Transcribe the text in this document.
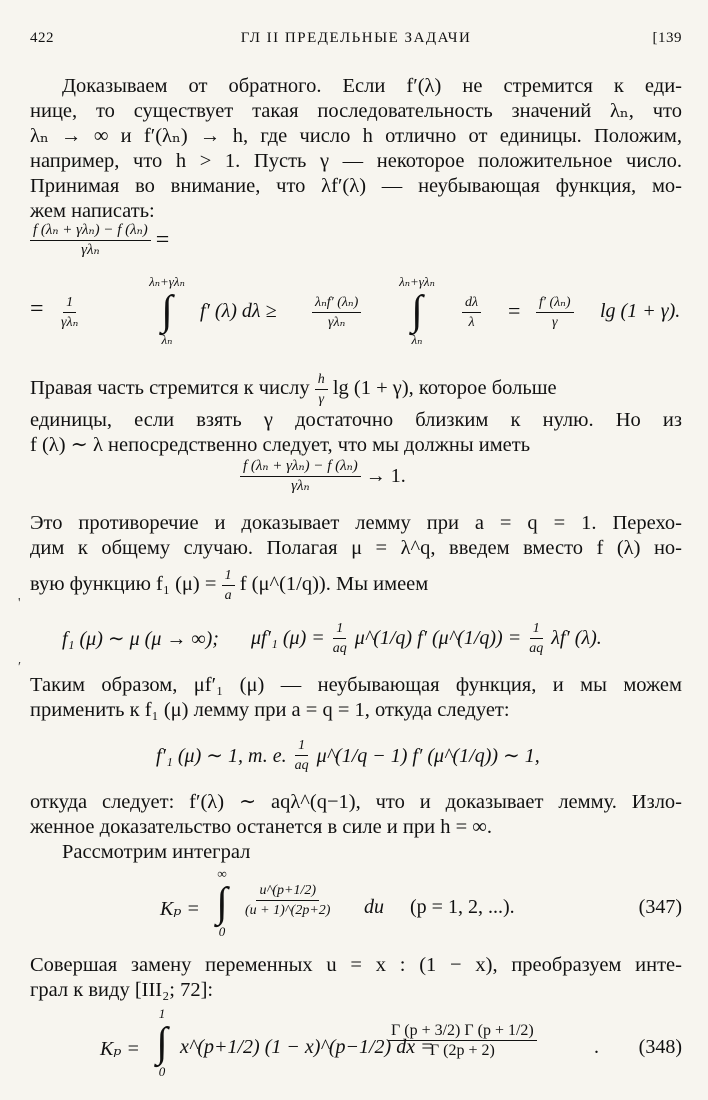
422	ГЛ II ПРЕДЕЛЬНЫЕ ЗАДАЧИ	[139
Доказываем от обратного. Если f′(λ) не стремится к еди-
нице, то существует такая последовательность значений λₙ, что
λₙ → ∞ и f′(λₙ) → h, где число h отлично от единицы. Положим,
например, что h > 1. Пусть γ — некоторое положительное число.
Принимая во внимание, что λf′(λ) — неубывающая функция, мо-
жем написать:
$\frac{\text{f (λₙ + γλₙ) − f (λₙ)}}{\text{γλₙ}}$ =
= 1
γλₙ
λₙ+γλₙ
∫
λₙ
f′ (λ) dλ ≥	λₙf′ (λₙ)
γλₙ
λₙ+γλₙ
∫
λₙ
$\frac{d\lambda}{\lambda} = \frac{\text{f′ (λₙ)}}{\gamma}$ lg (1 + γ).
Правая часть стремится к числу $\frac{h}{\gamma}$ lg (1 + γ), которое больше
единицы, если взять γ достаточно близким к нулю. Но из
f (λ) ∼ λ непосредственно следует, что мы должны иметь
$\frac{\text{f (λₙ + γλₙ) − f (λₙ)}}{\text{γλₙ}} \to 1$.
Это противоречие и доказывает лемму при a = q = 1. Перехо-
дим к общему случаю. Полагая μ = λ^q, введем вместо f (λ) но-
вую функцию f₁ $(\mu) = \frac{1}{a}$ f (μ^(1/q)). Мы имеем
'
f₁ (μ) ∼ μ (μ → ∞); μf′₁ $(\mu) = \frac{1}{aq}$ μ^(1/q) f′ (μ^(1/q)) = $\frac{1}{aq} \lambda f'$ (λ).
′
Таким образом, μf′₁ (μ) — неубывающая функция, и мы можем
применить к f₁ (μ) лемму при a = q = 1, откуда следует:
f′₁ (μ) ∼ 1, т. е. $\frac{1}{aq}$ μ^(1/q − 1) f′ (μ^(1/q)) ∼ 1,
откуда следует: f′(λ) ∼ aqλ^(q−1), что и доказывает лемму. Изло-
женное доказательство останется в силе и при h = ∞.
Рассмотрим интеграл
Kₚ =
∞
∫
0
$\frac{u\^{}(p+1/2)}{(u + 1)\^{}(2p+2)}$ du (p = 1, 2, ...).	(347)
Совершая замену переменных u = x : (1 − x), преобразуем инте-
грал к виду [III₂; 72]:
Kₚ =
1
∫
0
x^(p+1/2) (1 − x)^(p−1/2) dx =
$\frac{\Gamma (p + 3/2) \Gamma (p + 1/2)}{\Gamma (2p + 2)}$	. (348)
